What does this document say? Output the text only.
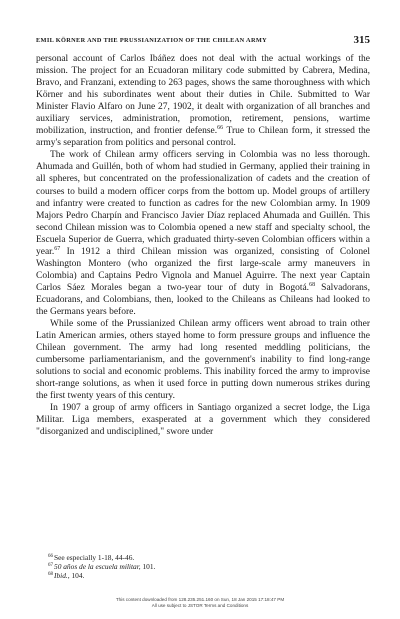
EMIL KÖRNER AND THE PRUSSIANIZATION OF THE CHILEAN ARMY	315

personal account of Carlos Ibáñez does not deal with the actual workings of the mission. The project for an Ecuadoran military code submitted by Cabrera, Medina, Bravo, and Franzani, extending to 263 pages, shows the same thoroughness with which Körner and his subordinates went about their duties in Chile. Submitted to War Minister Flavio Alfaro on June 27, 1902, it dealt with organization of all branches and auxiliary services, administration, promotion, retirement, pensions, wartime mobilization, instruction, and frontier defense.$^{66}$ True to Chilean form, it stressed the army's separation from politics and personal control.

The work of Chilean army officers serving in Colombia was no less thorough. Ahumada and Guillén, both of whom had studied in Germany, applied their training in all spheres, but concentrated on the professionalization of cadets and the creation of courses to build a modern officer corps from the bottom up. Model groups of artillery and infantry were created to function as cadres for the new Colombian army. In 1909 Majors Pedro Charpín and Francisco Javier Díaz replaced Ahumada and Guillén. This second Chilean mission was to Colombia opened a new staff and specialty school, the Escuela Superior de Guerra, which graduated thirty-seven Colombian officers within a year.$^{67}$ In 1912 a third Chilean mission was organized, consisting of Colonel Washington Montero (who organized the first large-scale army maneuvers in Colombia) and Captains Pedro Vignola and Manuel Aguirre. The next year Captain Carlos Sáez Morales began a two-year tour of duty in Bogotá.$^{68}$ Salvadorans, Ecuadorans, and Colombians, then, looked to the Chileans as Chileans had looked to the Germans years before.

While some of the Prussianized Chilean army officers went abroad to train other Latin American armies, others stayed home to form pressure groups and influence the Chilean government. The army had long resented meddling politicians, the cumbersome parliamentarianism, and the government's inability to find long-range solutions to social and economic problems. This inability forced the army to improvise short-range solutions, as when it used force in putting down numerous strikes during the first twenty years of this century.

In 1907 a group of army officers in Santiago organized a secret lodge, the Liga Militar. Liga members, exasperated at a government which they considered "disorganized and undisciplined," swore under

$^{66}$See especially 1-18, 44-46.
$^{67}$50 años de la escuela militar, 101.
$^{68}$Ibid., 104.
This content downloaded from 128.235.251.160 on Sun, 18 Jan 2015 17:18:47 PM
All use subject to JSTOR Terms and Conditions
